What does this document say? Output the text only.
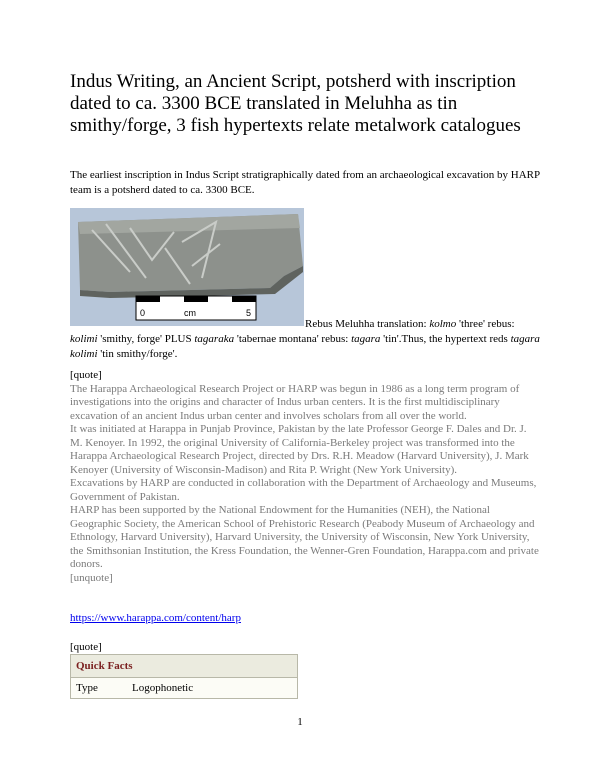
Indus Writing, an Ancient Script, potsherd with inscription dated to ca. 3300 BCE translated in Meluhha as tin smithy/forge, 3 fish hypertexts relate metalwork catalogues
The earliest inscription in Indus Script stratigraphically dated from an archaeological excavation by HARP team is a potsherd dated to ca. 3300 BCE.
0	cm	5
Rebus Meluhha translation: kolmo 'three' rebus: kolimi 'smithy, forge' PLUS tagaraka 'tabernae montana' rebus: tagara 'tin'.Thus, the hypertext reds tagara kolimi 'tin smithy/forge'.
[quote]
The Harappa Archaeological Research Project or HARP was begun in 1986 as a long term program of investigations into the origins and character of Indus urban centers. It is the first multidisciplinary excavation of an ancient Indus urban center and involves scholars from all over the world.
It was initiated at Harappa in Punjab Province, Pakistan by the late Professor George F. Dales and Dr. J. M. Kenoyer. In 1992, the original University of California-Berkeley project was transformed into the Harappa Archaeological Research Project, directed by Drs. R.H. Meadow (Harvard University), J. Mark Kenoyer (University of Wisconsin-Madison) and Rita P. Wright (New York University).
Excavations by HARP are conducted in collaboration with the Department of Archaeology and Museums, Government of Pakistan.
HARP has been supported by the National Endowment for the Humanities (NEH), the National Geographic Society, the American School of Prehistoric Research (Peabody Museum of Archaeology and Ethnology, Harvard University), Harvard University, the University of Wisconsin, New York University, the Smithsonian Institution, the Kress Foundation, the Wenner-Gren Foundation, Harappa.com and private donors.
[unquote]
https://www.harappa.com/content/harp
[quote]
Quick Facts
Type	Logophonetic
1
